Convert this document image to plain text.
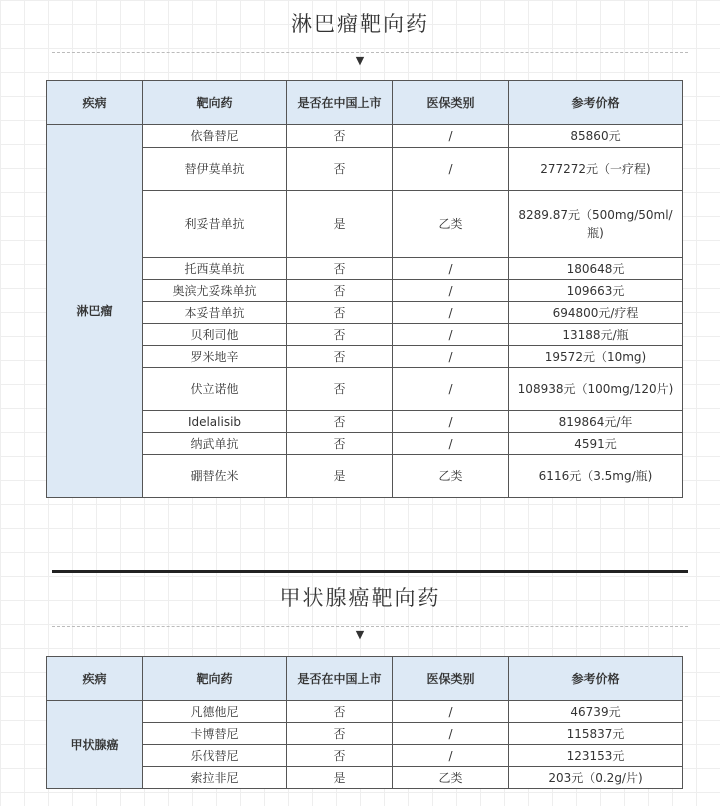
淋巴瘤靶向药
▼
疾病	靶向药	是否在中国上市	医保类别	参考价格
淋巴瘤	依鲁替尼	否	/	85860元
	替伊莫单抗	否	/	277272元（一疗程)
	利妥昔单抗	是	乙类	8289.87元（500mg/50ml/瓶)
	托西莫单抗	否	/	180648元
	奥滨尤妥珠单抗	否	/	109663元
	本妥昔单抗	否	/	694800元/疗程
	贝利司他	否	/	13188元/瓶
	罗米地辛	否	/	19572元（10mg)
	伏立诺他	否	/	108938元（100mg/120片)
	Idelalisib	否	/	819864元/年
	纳武单抗	否	/	4591元
	硼替佐米	是	乙类	6116元（3.5mg/瓶)
甲状腺癌靶向药
▼
疾病	靶向药	是否在中国上市	医保类别	参考价格
甲状腺癌	凡德他尼	否	/	46739元
	卡博替尼	否	/	115837元
	乐伐替尼	否	/	123153元
	索拉非尼	是	乙类	203元（0.2g/片)
